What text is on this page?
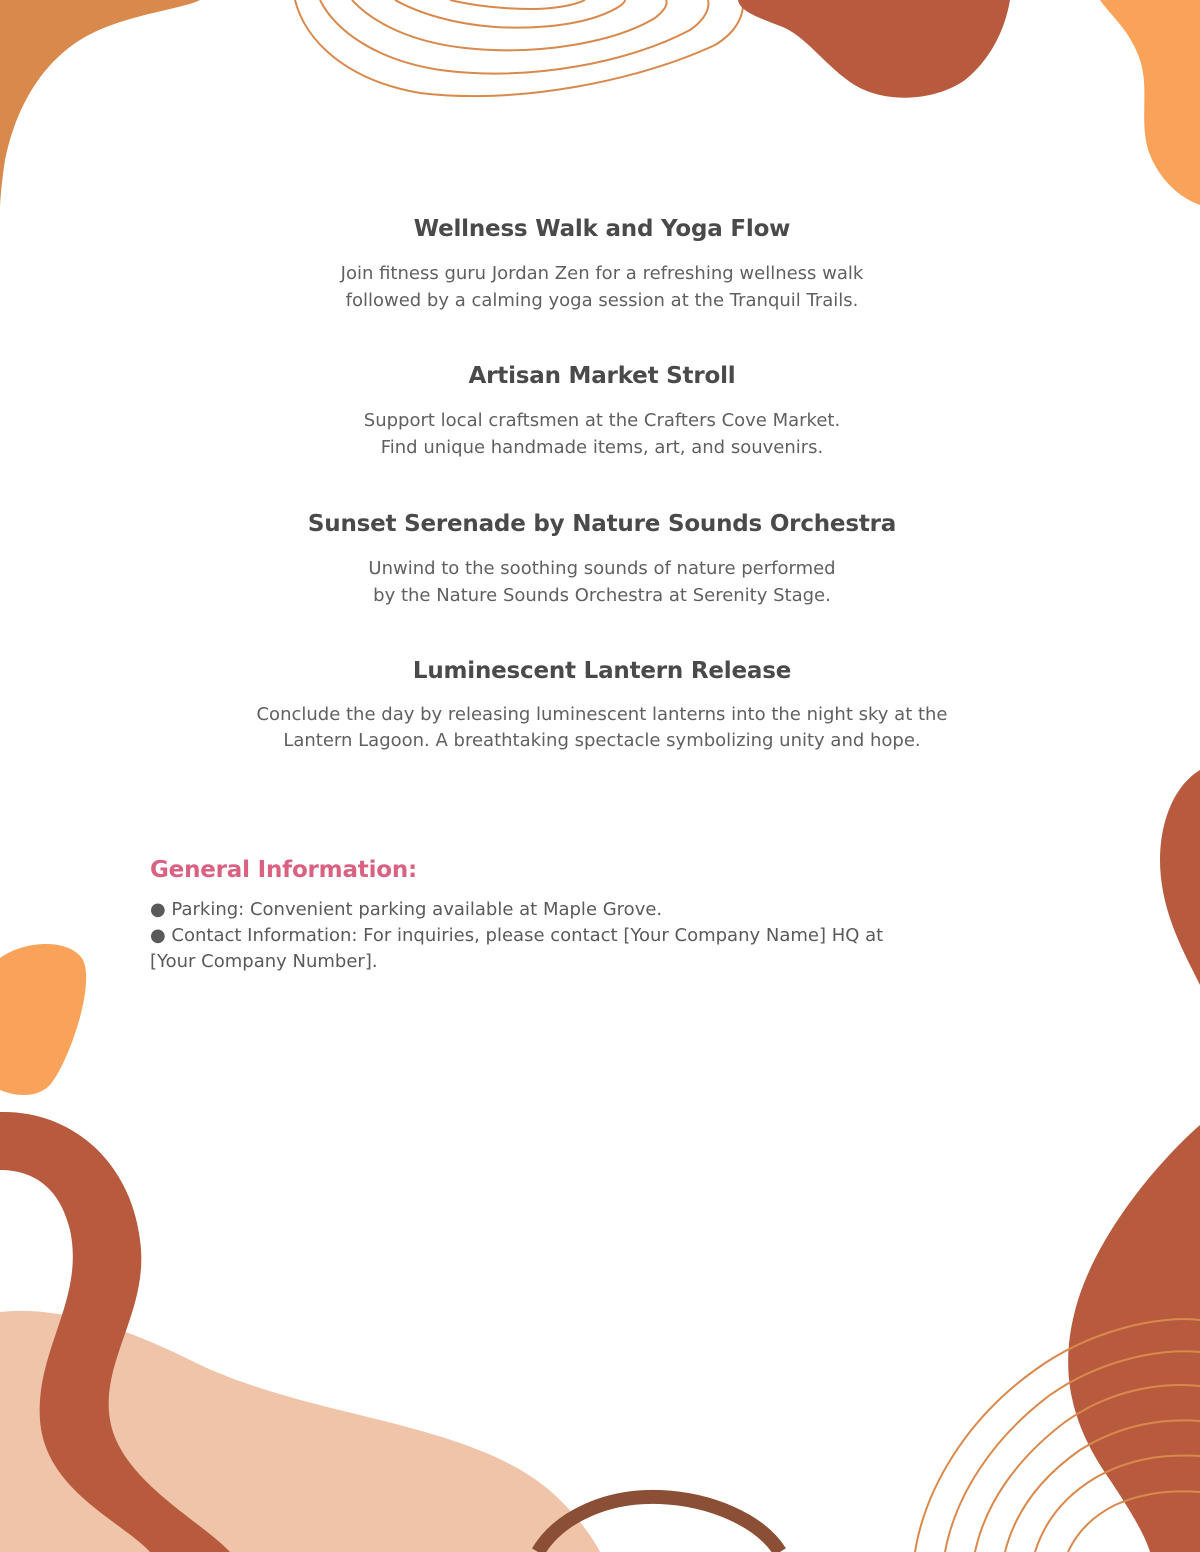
Wellness Walk and Yoga Flow

Join fitness guru Jordan Zen for a refreshing wellness walk
followed by a calming yoga session at the Tranquil Trails.

Artisan Market Stroll

Support local craftsmen at the Crafters Cove Market.
Find unique handmade items, art, and souvenirs.

Sunset Serenade by Nature Sounds Orchestra

Unwind to the soothing sounds of nature performed
by the Nature Sounds Orchestra at Serenity Stage.

Luminescent Lantern Release

Conclude the day by releasing luminescent lanterns into the night sky at the
Lantern Lagoon. A breathtaking spectacle symbolizing unity and hope.

General Information:
● Parking: Convenient parking available at Maple Grove.
● Contact Information: For inquiries, please contact [Your Company Name] HQ at [Your Company Number].
